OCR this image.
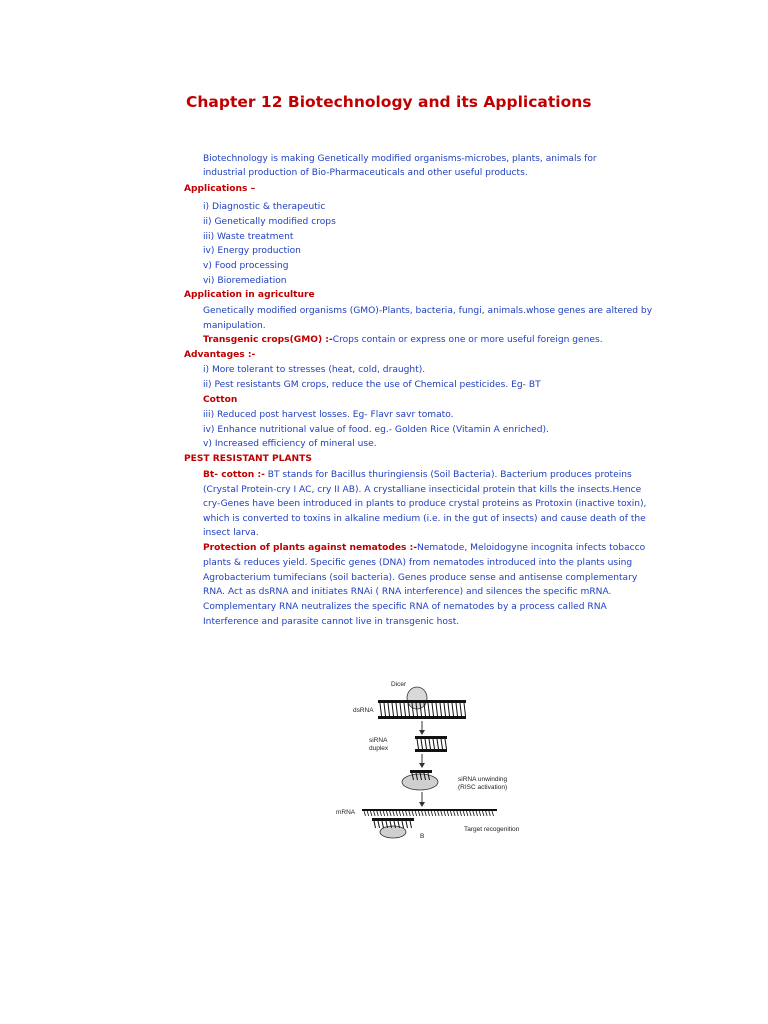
Chapter 12 Biotechnology and its Applications
Biotechnology is making Genetically modified organisms-microbes, plants, animals for
industrial production of Bio-Pharmaceuticals and other useful products.
Applications –
i) Diagnostic & therapeutic
ii) Genetically modified crops
iii) Waste treatment
iv) Energy production
v) Food processing
vi) Bioremediation
Application in agriculture
Genetically modified organisms (GMO)-Plants, bacteria, fungi, animals.whose genes are altered by
manipulation.
Transgenic crops(GMO) :-Crops contain or express one or more useful foreign genes.
Advantages :-
i) More tolerant to stresses (heat, cold, draught).
ii) Pest resistants GM crops, reduce the use of Chemical pesticides. Eg- BT
Cotton
iii) Reduced post harvest losses. Eg- Flavr savr tomato.
iv) Enhance nutritional value of food. eg.- Golden Rice (Vitamin A enriched).
v) Increased efficiency of mineral use.
PEST RESISTANT PLANTS
Bt- cotton :- BT stands for Bacillus thuringiensis (Soil Bacteria). Bacterium produces proteins
(Crystal Protein-cry I AC, cry II AB). A crystalliane insecticidal protein that kills the insects.Hence
cry-Genes have been introduced in plants to produce crystal proteins as Protoxin (inactive toxin),
which is converted to toxins in alkaline medium (i.e. in the gut of insects) and cause death of the
insect larva.
Protection of plants against nematodes :-Nematode, Meloidogyne incognita infects tobacco
plants & reduces yield. Specific genes (DNA) from nematodes introduced into the plants using
Agrobacterium tumifecians (soil bacteria). Genes produce sense and antisense complementary
RNA. Act as dsRNA and initiates RNAi ( RNA interference) and silences the specific mRNA.
Complementary RNA neutralizes the specific RNA of nematodes by a process called RNA
Interference and parasite cannot live in transgenic host.
Dicer
dsRNA
siRNA
duplex
siRNA unwinding
(RISC activation)
mRNA
B
Target recogenition
